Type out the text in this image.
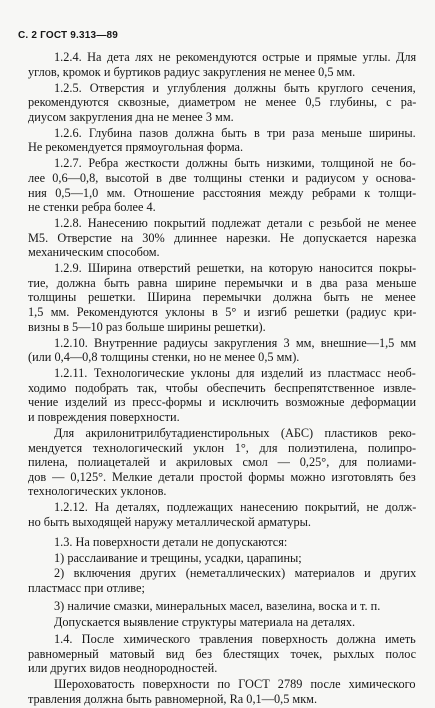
С. 2 ГОСТ 9.313—89
1.2.4. На дета лях не рекомендуются острые и прямые углы. Для
углов, кромок и буртиков радиус закругления не менее 0,5 мм.
1.2.5. Отверстия и углубления должны быть круглого сечения,
рекомендуются сквозные, диаметром не менее 0,5 глубины, с ра-
диусом закругления дна не менее 3 мм.
1.2.6. Глубина пазов должна быть в три раза меньше ширины.
Не рекомендуется прямоугольная форма.
1.2.7. Ребра жесткости должны быть низкими, толщиной не бо-
лее 0,6—0,8, высотой в две толщины стенки и радиусом у основа-
ния 0,5—1,0 мм. Отношение расстояния между ребрами к толщи-
не стенки ребра более 4.
1.2.8. Нанесению покрытий подлежат детали с резьбой не менее
М5. Отверстие на 30% длиннее нарезки. Не допускается нарезка
механическим способом.
1.2.9. Ширина отверстий решетки, на которую наносится покры-
тие, должна быть равна ширине перемычки и в два раза меньше
толщины решетки. Ширина перемычки должна быть не менее
1,5 мм. Рекомендуются уклоны в 5° и изгиб решетки (радиус кри-
визны в 5—10 раз больше ширины решетки).
1.2.10. Внутренние радиусы закругления 3 мм, внешние—1,5 мм
(или 0,4—0,8 толщины стенки, но не менее 0,5 мм).
1.2.11. Технологические уклоны для изделий из пластмасс необ-
ходимо подобрать так, чтобы обеспечить беспрепятственное извле-
чение изделий из пресс-формы и исключить возможные деформации
и повреждения поверхности.
Для акрилонитрилбутадиенстирольных (АБС) пластиков реко-
мендуется технологический уклон 1°, для полиэтилена, полипро-
пилена, полиацеталей и акриловых смол — 0,25°, для полиами-
дов — 0,125°. Мелкие детали простой формы можно изготовлять без
технологических уклонов.
1.2.12. На деталях, подлежащих нанесению покрытий, не долж-
но быть выходящей наружу металлической арматуры.
1.3. На поверхности детали не допускаются:
1) расслаивание и трещины, усадки, царапины;
2) включения других (неметаллических) материалов и других
пластмасс при отливе;
3) наличие смазки, минеральных масел, вазелина, воска и т. п.
Допускается выявление структуры материала на деталях.
1.4. После химического травления поверхность должна иметь
равномерный матовый вид без блестящих точек, рыхлых полос
или других видов неоднородностей.
Шероховатость поверхности по ГОСТ 2789 после химического
травления должна быть равномерной, Ra 0,1—0,5 мкм.
